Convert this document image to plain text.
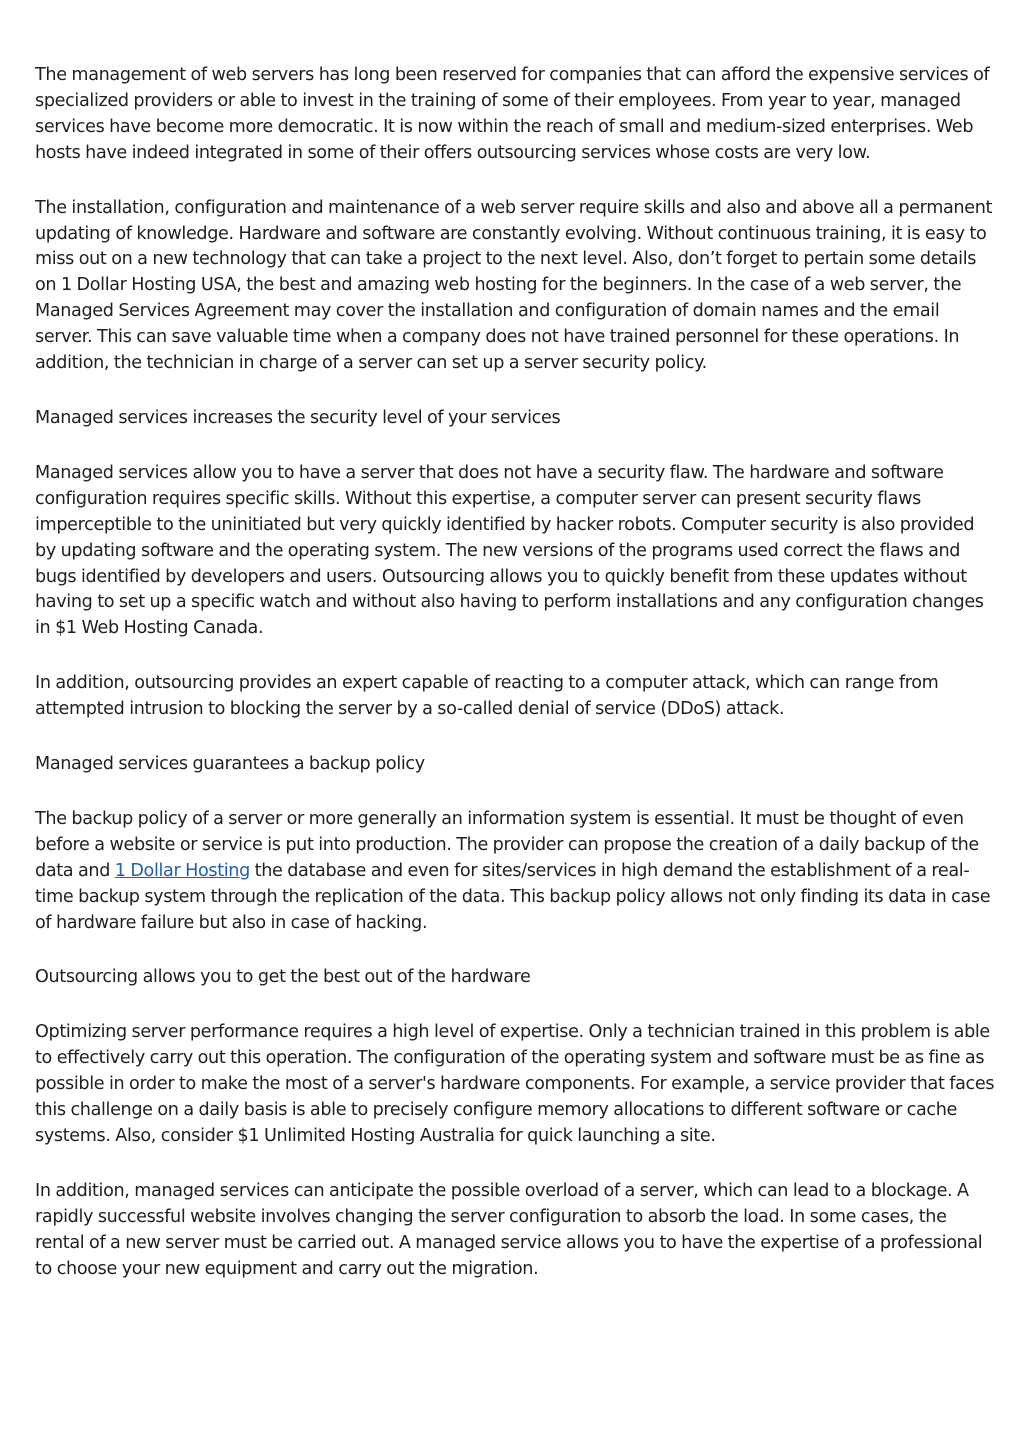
The management of web servers has long been reserved for companies that can afford the expensive services of specialized providers or able to invest in the training of some of their employees. From year to year, managed services have become more democratic. It is now within the reach of small and medium-sized enterprises. Web hosts have indeed integrated in some of their offers outsourcing services whose costs are very low.

The installation, configuration and maintenance of a web server require skills and also and above all a permanent updating of knowledge. Hardware and software are constantly evolving. Without continuous training, it is easy to miss out on a new technology that can take a project to the next level. Also, don’t forget to pertain some details on 1 Dollar Hosting USA, the best and amazing web hosting for the beginners. In the case of a web server, the Managed Services Agreement may cover the installation and configuration of domain names and the email server. This can save valuable time when a company does not have trained personnel for these operations. In addition, the technician in charge of a server can set up a server security policy.

Managed services increases the security level of your services

Managed services allow you to have a server that does not have a security flaw. The hardware and software configuration requires specific skills. Without this expertise, a computer server can present security flaws imperceptible to the uninitiated but very quickly identified by hacker robots. Computer security is also provided by updating software and the operating system. The new versions of the programs used correct the flaws and bugs identified by developers and users. Outsourcing allows you to quickly benefit from these updates without having to set up a specific watch and without also having to perform installations and any configuration changes in $1 Web Hosting Canada.

In addition, outsourcing provides an expert capable of reacting to a computer attack, which can range from attempted intrusion to blocking the server by a so-called denial of service (DDoS) attack.

Managed services guarantees a backup policy

The backup policy of a server or more generally an information system is essential. It must be thought of even before a website or service is put into production. The provider can propose the creation of a daily backup of the data and 1 Dollar Hosting the database and even for sites/services in high demand the establishment of a real-time backup system through the replication of the data. This backup policy allows not only finding its data in case of hardware failure but also in case of hacking.

Outsourcing allows you to get the best out of the hardware

Optimizing server performance requires a high level of expertise. Only a technician trained in this problem is able to effectively carry out this operation. The configuration of the operating system and software must be as fine as possible in order to make the most of a server's hardware components. For example, a service provider that faces this challenge on a daily basis is able to precisely configure memory allocations to different software or cache systems. Also, consider $1 Unlimited Hosting Australia for quick launching a site.

In addition, managed services can anticipate the possible overload of a server, which can lead to a blockage. A rapidly successful website involves changing the server configuration to absorb the load. In some cases, the rental of a new server must be carried out. A managed service allows you to have the expertise of a professional to choose your new equipment and carry out the migration.
